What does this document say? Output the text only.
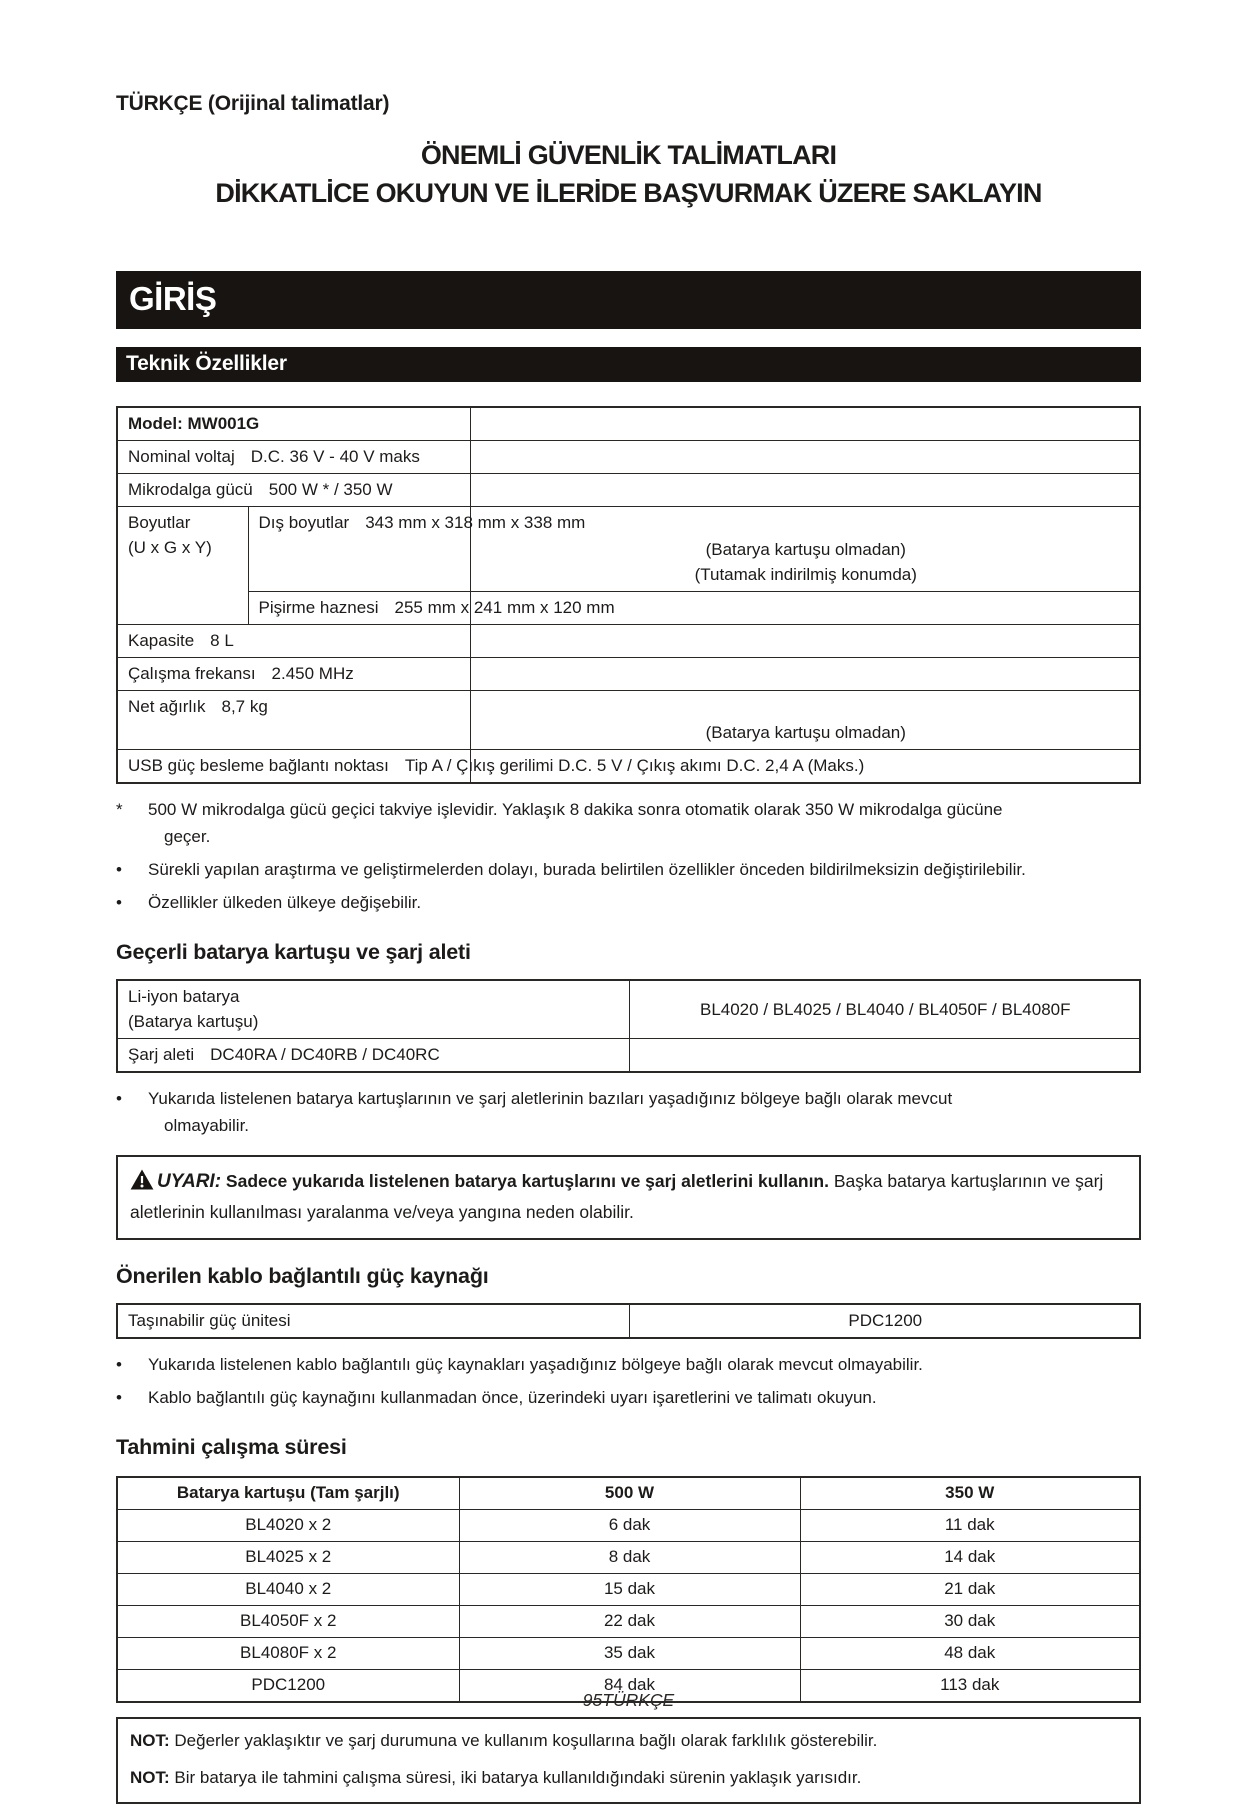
TÜRKÇE (Orijinal talimatlar)
ÖNEMLİ GÜVENLİK TALİMATLARI
DİKKATLİCE OKUYUN VE İLERİDE BAŞVURMAK ÜZERE SAKLAYIN
GİRİŞ
Teknik Özellikler
Model: MW001G		
Nominal voltaj D.C. 36 V - 40 V maks		
Mikrodalga gücü 500 W * / 350 W		
Boyutlar
(U x G x Y)	Dış boyutlar 343 mm x 318 mm x 338 mm	
(Batarya kartuşu olmadan)
(Tutamak indirilmiş konumda)

	Pişirme haznesi 255 mm x 241 mm x 120 mm	
Kapasite 8 L		
Çalışma frekansı 2.450 MHz		
Net ağırlık 8,7 kg		(Batarya kartuşu olmadan)

USB güç besleme bağlantı noktası Tip A / Çıkış gerilimi D.C. 5 V / Çıkış akımı D.C. 2,4 A (Maks.)		

* 500 W mikrodalga gücü geçici takviye işlevidir. Yaklaşık 8 dakika sonra otomatik olarak 350 W mikrodalga gücüne geçer.

• Sürekli yapılan araştırma ve geliştirmelerden dolayı, burada belirtilen özellikler önceden bildirilmeksizin değiştirilebilir.

• Özellikler ülkeden ülkeye değişebilir.

Geçerli batarya kartuşu ve şarj aleti
Li-iyon batarya
(Batarya kartuşu)	BL4020 / BL4025 / BL4040 / BL4050F / BL4080F
Şarj aleti DC40RA / DC40RB / DC40RC	

• Yukarıda listelenen batarya kartuşlarının ve şarj aletlerinin bazıları yaşadığınız bölgeye bağlı olarak mevcut olmayabilir.

UYARI: Sadece yukarıda listelenen batarya kartuşlarını ve şarj aletlerini kullanın. Başka batarya kartuşlarının ve şarj aletlerinin kullanılması yaralanma ve/veya yangına neden olabilir.
Önerilen kablo bağlantılı güç kaynağı
Taşınabilir güç ünitesi	PDC1200

• Yukarıda listelenen kablo bağlantılı güç kaynakları yaşadığınız bölgeye bağlı olarak mevcut olmayabilir.

• Kablo bağlantılı güç kaynağını kullanmadan önce, üzerindeki uyarı işaretlerini ve talimatı okuyun.

Tahmini çalışma süresi
Batarya kartuşu (Tam şarjlı)	500 W	350 W
BL4020 x 2	6 dak	11 dak
BL4025 x 2	8 dak	14 dak
BL4040 x 2	15 dak	21 dak
BL4050F x 2	22 dak	30 dak
BL4080F x 2	35 dak	48 dak
PDC1200	84 dak	113 dak

NOT: Değerler yaklaşıktır ve şarj durumuna ve kullanım koşullarına bağlı olarak farklılık gösterebilir.

NOT: Bir batarya ile tahmini çalışma süresi, iki batarya kullanıldığındaki sürenin yaklaşık yarısıdır.

95TÜRKÇE
